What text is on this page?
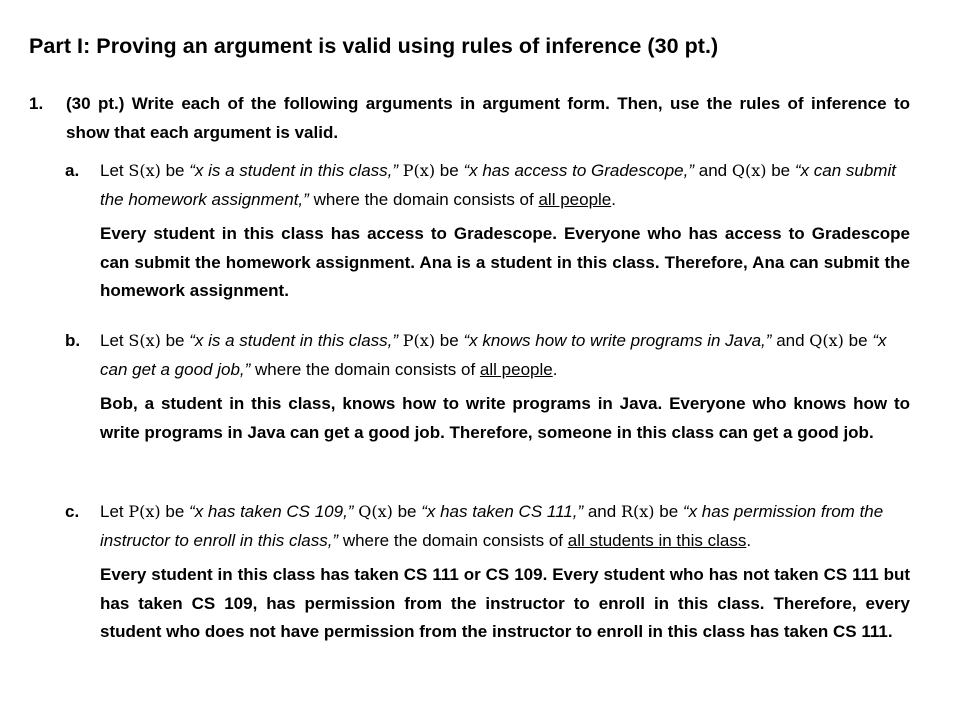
Part I: Proving an argument is valid using rules of inference (30 pt.)
1. (30 pt.) Write each of the following arguments in argument form. Then, use the rules of inference to show that each argument is valid.
a. Let S(x) be “x is a student in this class,” P(x) be “x has access to Gradescope,” and Q(x) be “x can submit the homework assignment,” where the domain consists of all people.
Every student in this class has access to Gradescope. Everyone who has access to Gradescope can submit the homework assignment. Ana is a student in this class. Therefore, Ana can submit the homework assignment.
b. Let S(x) be “x is a student in this class,” P(x) be “x knows how to write programs in Java,” and Q(x) be “x can get a good job,” where the domain consists of all people.
Bob, a student in this class, knows how to write programs in Java. Everyone who knows how to write programs in Java can get a good job. Therefore, someone in this class can get a good job.
c. Let P(x) be “x has taken CS 109,” Q(x) be “x has taken CS 111,” and R(x) be “x has permission from the instructor to enroll in this class,” where the domain consists of all students in this class.
Every student in this class has taken CS 111 or CS 109. Every student who has not taken CS 111 but has taken CS 109, has permission from the instructor to enroll in this class. Therefore, every student who does not have permission from the instructor to enroll in this class has taken CS 111.
